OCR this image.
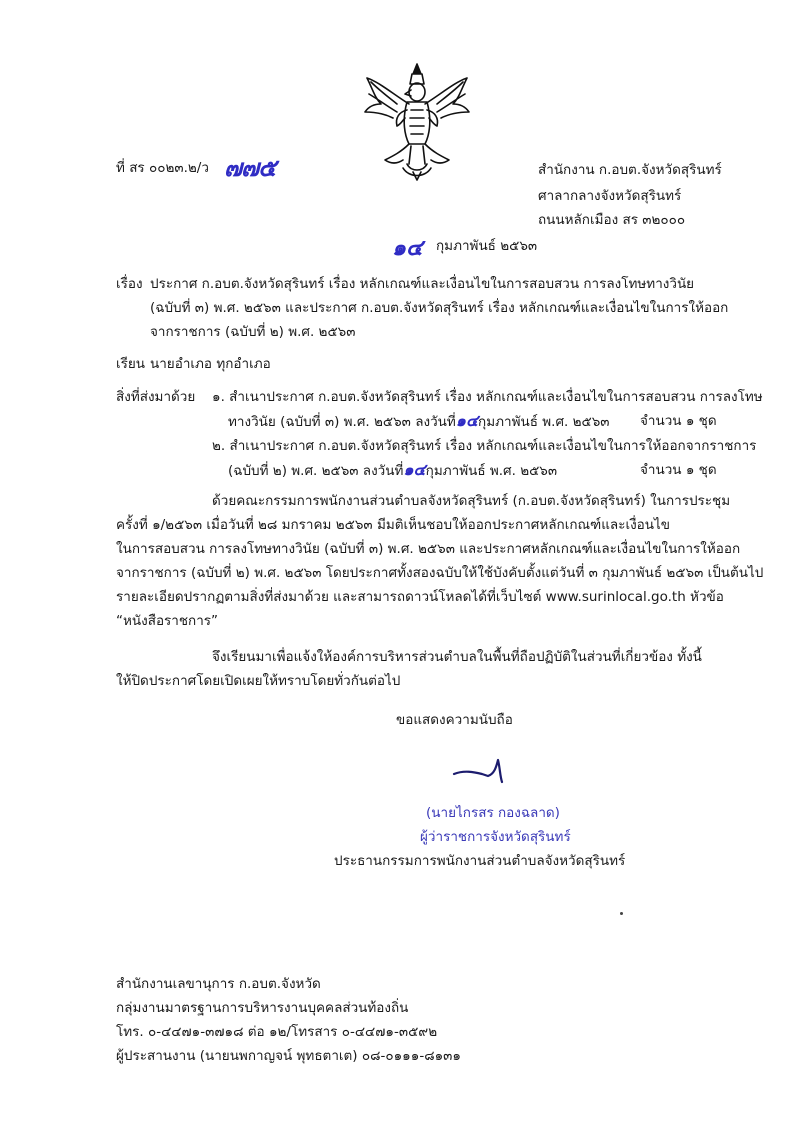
ที่ สร ๐๐๒๓.๒/ว ๗๗๕	สำนักงาน ก.อบต.จังหวัดสุรินทร์
ศาลากลางจังหวัดสุรินทร์
ถนนหลักเมือง สร ๓๒๐๐๐
๑๔ กุมภาพันธ์ ๒๕๖๓
เรื่อง ประกาศ ก.อบต.จังหวัดสุรินทร์ เรื่อง หลักเกณฑ์และเงื่อนไขในการสอบสวน การลงโทษทางวินัย
(ฉบับที่ ๓) พ.ศ. ๒๕๖๓ และประกาศ ก.อบต.จังหวัดสุรินทร์ เรื่อง หลักเกณฑ์และเงื่อนไขในการให้ออก
จากราชการ (ฉบับที่ ๒) พ.ศ. ๒๕๖๓
เรียน นายอำเภอ ทุกอำเภอ
สิ่งที่ส่งมาด้วย ๑. สำเนาประกาศ ก.อบต.จังหวัดสุรินทร์ เรื่อง หลักเกณฑ์และเงื่อนไขในการสอบสวน การลงโทษ
ทางวินัย (ฉบับที่ ๓) พ.ศ. ๒๕๖๓ ลงวันที่๑๔กุมภาพันธ์ พ.ศ. ๒๕๖๓ จำนวน ๑ ชุด
๒. สำเนาประกาศ ก.อบต.จังหวัดสุรินทร์ เรื่อง หลักเกณฑ์และเงื่อนไขในการให้ออกจากราชการ
(ฉบับที่ ๒) พ.ศ. ๒๕๖๓ ลงวันที่๑๔กุมภาพันธ์ พ.ศ. ๒๕๖๓	จำนวน ๑ ชุด
ด้วยคณะกรรมการพนักงานส่วนตำบลจังหวัดสุรินทร์ (ก.อบต.จังหวัดสุรินทร์) ในการประชุม
ครั้งที่ ๑/๒๕๖๓ เมื่อวันที่ ๒๘ มกราคม ๒๕๖๓ มีมติเห็นชอบให้ออกประกาศหลักเกณฑ์และเงื่อนไข
ในการสอบสวน การลงโทษทางวินัย (ฉบับที่ ๓) พ.ศ. ๒๕๖๓ และประกาศหลักเกณฑ์และเงื่อนไขในการให้ออก
จากราชการ (ฉบับที่ ๒) พ.ศ. ๒๕๖๓ โดยประกาศทั้งสองฉบับให้ใช้บังคับตั้งแต่วันที่ ๓ กุมภาพันธ์ ๒๕๖๓ เป็นต้นไป
รายละเอียดปรากฏตามสิ่งที่ส่งมาด้วย และสามารถดาวน์โหลดได้ที่เว็บไซต์ www.surinlocal.go.th หัวข้อ
“หนังสือราชการ”
จึงเรียนมาเพื่อแจ้งให้องค์การบริหารส่วนตำบลในพื้นที่ถือปฏิบัติในส่วนที่เกี่ยวข้อง ทั้งนี้
ให้ปิดประกาศโดยเปิดเผยให้ทราบโดยทั่วกันต่อไป
ขอแสดงความนับถือ
(นายไกรสร กองฉลาด)
ผู้ว่าราชการจังหวัดสุรินทร์
ประธานกรรมการพนักงานส่วนตำบลจังหวัดสุรินทร์
สำนักงานเลขานุการ ก.อบต.จังหวัด
กลุ่มงานมาตรฐานการบริหารงานบุคคลส่วนท้องถิ่น
โทร. ๐-๔๔๗๑-๓๗๑๘ ต่อ ๑๒/โทรสาร ๐-๔๔๗๑-๓๕๙๒
ผู้ประสานงาน (นายนพกาญจน์ พุทธตาเต) ๐๘-๐๑๑๑-๘๑๓๑
